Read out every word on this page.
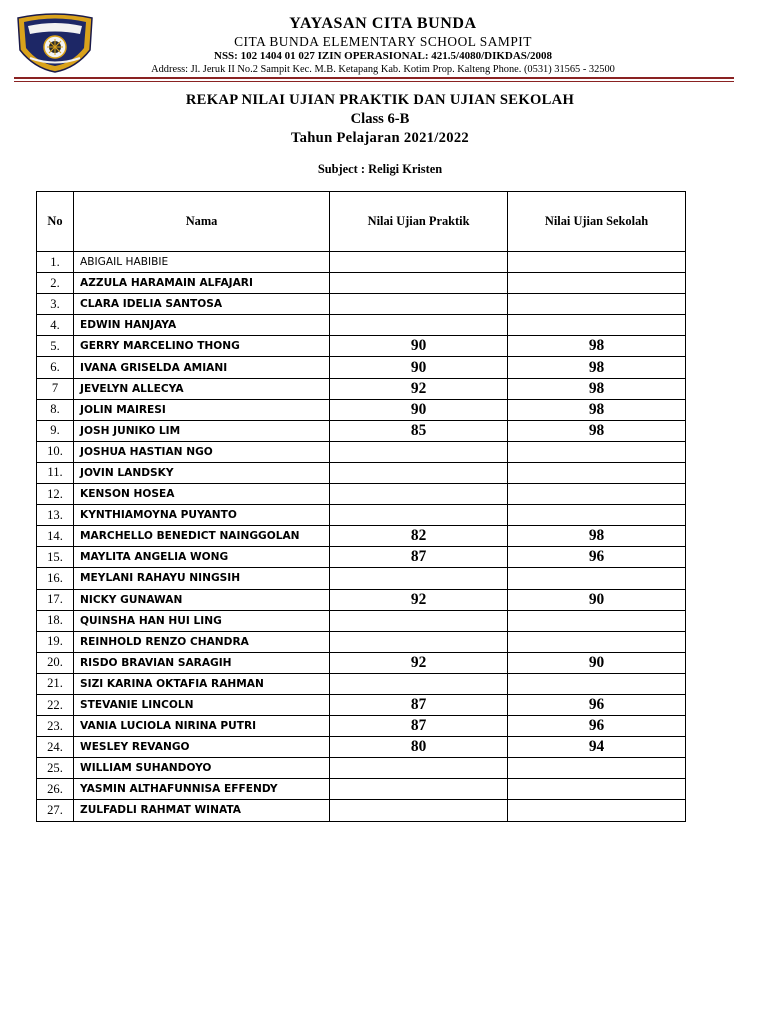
YAYASAN CITA BUNDA
CITA BUNDA ELEMENTARY SCHOOL SAMPIT
NSS: 102 1404 01 027 IZIN OPERASIONAL: 421.5/4080/DIKDAS/2008
Address: Jl. Jeruk II No.2 Sampit Kec. M.B. Ketapang Kab. Kotim Prop. Kalteng Phone. (0531) 31565 - 32500
REKAP NILAI UJIAN PRAKTIK DAN UJIAN SEKOLAH
Class 6-B
Tahun Pelajaran 2021/2022
Subject : Religi Kristen
No	Nama	Nilai Ujian Praktik	Nilai Ujian Sekolah
1.	ABIGAIL HABIBIE		
2.	AZZULA HARAMAIN ALFAJARI		
3.	CLARA IDELIA SANTOSA		
4.	EDWIN HANJAYA		
5.	GERRY MARCELINO THONG	90	98
6.	IVANA GRISELDA AMIANI	90	98
7	JEVELYN ALLECYA	92	98
8.	JOLIN MAIRESI	90	98
9.	JOSH JUNIKO LIM	85	98
10.	JOSHUA HASTIAN NGO		
11.	JOVIN LANDSKY		
12.	KENSON HOSEA		
13.	KYNTHIAMOYNA PUYANTO		
14.	MARCHELLO BENEDICT NAINGGOLAN	82	98
15.	MAYLITA ANGELIA WONG	87	96
16.	MEYLANI RAHAYU NINGSIH		
17.	NICKY GUNAWAN	92	90
18.	QUINSHA HAN HUI LING		
19.	REINHOLD RENZO CHANDRA		
20.	RISDO BRAVIAN SARAGIH	92	90
21.	SIZI KARINA OKTAFIA RAHMAN		
22.	STEVANIE LINCOLN	87	96
23.	VANIA LUCIOLA NIRINA PUTRI	87	96
24.	WESLEY REVANGO	80	94
25.	WILLIAM SUHANDOYO		
26.	YASMIN ALTHAFUNNISA EFFENDY		
27.	ZULFADLI RAHMAT WINATA		
